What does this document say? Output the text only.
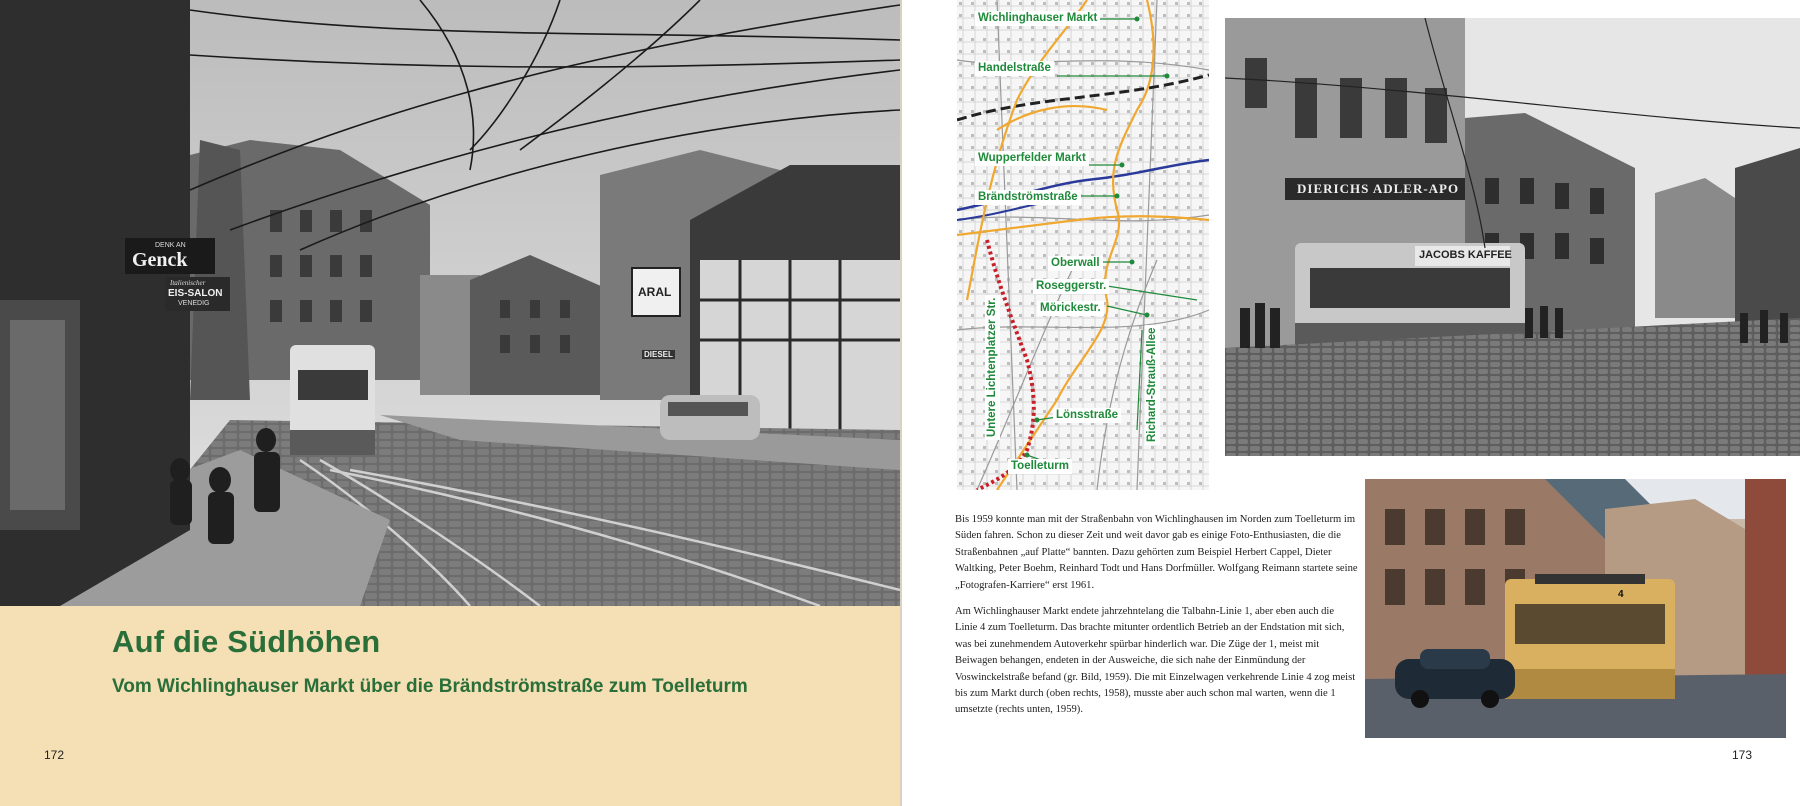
DENK AN
Genck
Italienischer
EIS-SALON
VENEDIG
ARAL
DIESEL
Auf die Südhöhen
Vom Wichlinghauser Markt über die Brändströmstraße zum Toelleturm
172
Wichlinghauser Markt
Handelstraße
Wupperfelder Markt
Brändströmstraße
Oberwall
Roseggerstr.
Mörickestr.
Lönsstraße
Toelleturm
Untere Lichtenplatzer Str.	Richard-Strauß-Allee
DIERICHS ADLER-APO
JACOBS KAFFEE
4

Bis 1959 konnte man mit der Straßenbahn von Wichlinghausen im Norden zum Toelleturm im Süden fahren. Schon zu dieser Zeit und weit davor gab es einige Foto-Enthusiasten, die die Straßenbahnen „auf Platte“ bannten. Dazu gehörten zum Beispiel Herbert Cappel, Dieter Waltking, Peter Boehm, Reinhard Todt und Hans Dorfmüller. Wolfgang Reimann startete seine „Fotografen-Karriere“ erst 1961.

Am Wichlinghauser Markt endete jahrzehntelang die Talbahn-Linie 1, aber eben auch die Linie 4 zum Toelleturm. Das brachte mitunter ordentlich Betrieb an der Endstation mit sich, was bei zunehmendem Autoverkehr spürbar hinderlich war. Die Züge der 1, meist mit Beiwagen behangen, endeten in der Ausweiche, die sich nahe der Einmündung der Voswinckelstraße befand (gr. Bild, 1959). Die mit Einzelwagen verkehrende Linie 4 zog meist bis zum Markt durch (oben rechts, 1958), musste aber auch schon mal warten, wenn die 1 umsetzte (rechts unten, 1959).

173
